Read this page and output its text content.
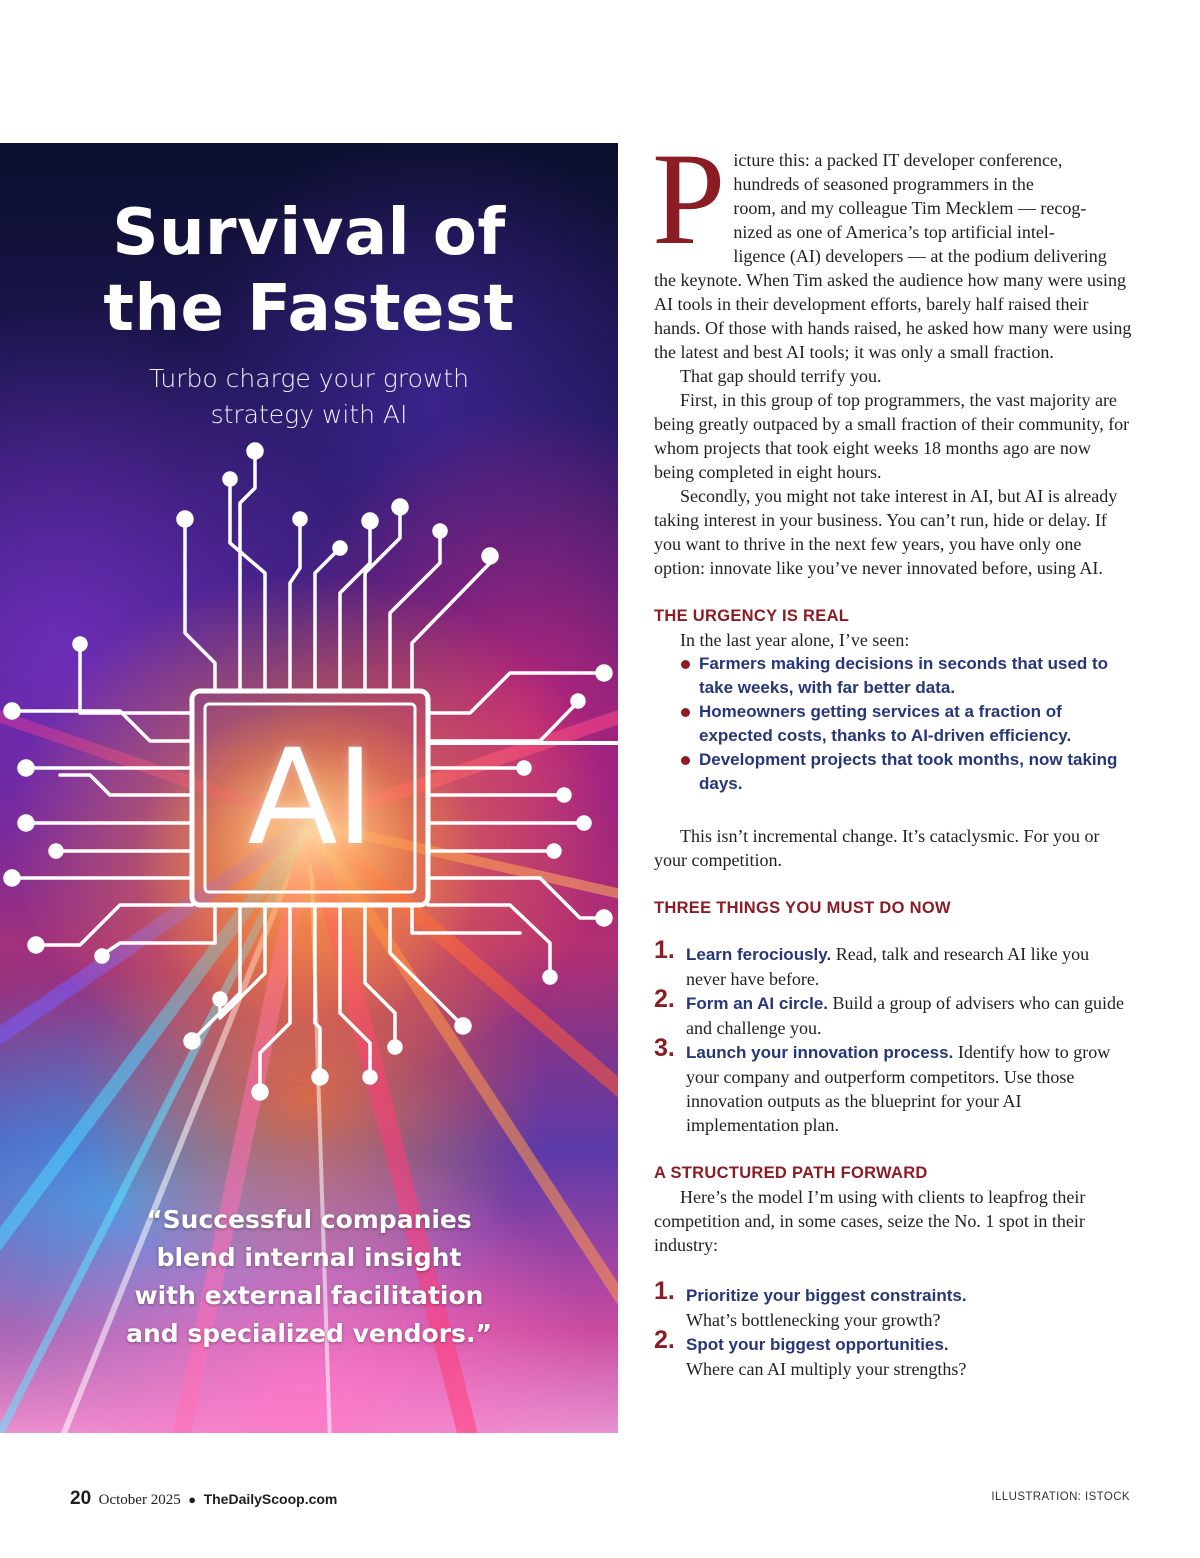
Survival of
the Fastest

Turbo charge your growth
strategy with AI

AI

“Successful companies
blend internal insight
with external facilitation
and specialized vendors.”

P icture this: a packed IT developer conference,
hundreds of seasoned programmers in the
room, and my colleague Tim Mecklem — recog-
nized as one of America’s top artificial intel-

ligence (AI) developers — at the podium delivering the keynote. When Tim asked the audience how many were using AI tools in their development efforts, barely half raised their hands. Of those with hands raised, he asked how many were using the latest and best AI tools; it was only a small fraction.

That gap should terrify you.

First, in this group of top programmers, the vast majority are being greatly outpaced by a small fraction of their community, for whom projects that took eight weeks 18 months ago are now being completed in eight hours.

Secondly, you might not take interest in AI, but AI is already taking interest in your business. You can’t run, hide or delay. If you want to thrive in the next few years, you have only one option: innovate like you’ve never innovated before, using AI.

THE URGENCY IS REAL

In the last year alone, I’ve seen:

Farmers making decisions in seconds that used to take weeks, with far better data.
Homeowners getting services at a fraction of expected costs, thanks to AI-driven efficiency.
Development projects that took months, now taking days.

This isn’t incremental change. It’s cataclysmic. For you or your competition.

THREE THINGS YOU MUST DO NOW

1. Learn ferociously. Read, talk and research AI like you never have before.
2. Form an AI circle. Build a group of advisers who can guide and challenge you.
3. Launch your innovation process. Identify how to grow your company and outperform competitors. Use those innovation outputs as the blueprint for your AI implementation plan.

A STRUCTURED PATH FORWARD

Here’s the model I’m using with clients to leapfrog their competition and, in some cases, seize the No. 1 spot in their industry:

1. Prioritize your biggest constraints.
What’s bottlenecking your growth?
2. Spot your biggest opportunities.
Where can AI multiply your strengths?
20 October 2025 ● TheDailyScoop.com	ILLUSTRATION: ISTOCK
